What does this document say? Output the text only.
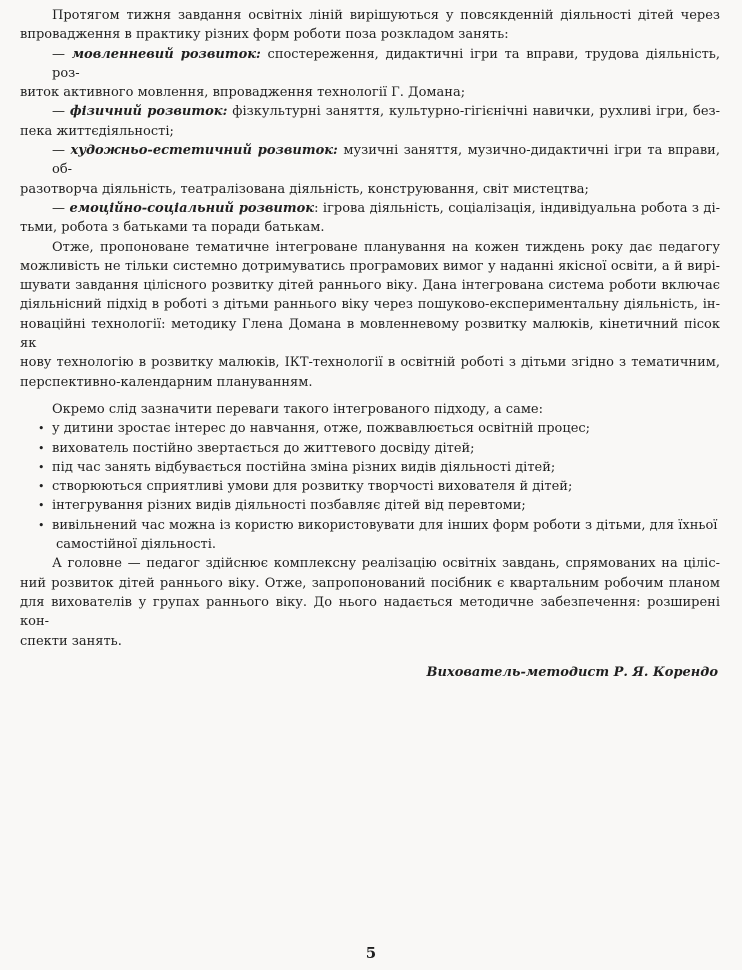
Протягом тижня завдання освітніх ліній вирішуються у повсякденній діяльності дітей через
впровадження в практику різних форм роботи поза розкладом занять:
— мовленневий розвиток: спостереження, дидактичні ігри та вправи, трудова діяльність, роз-
виток активного мовлення, впровадження технології Г. Домана;
— фізичний розвиток: фізкультурні заняття, культурно-гігієнічні навички, рухливі ігри, без-
пека життєдіяльності;
— художньо-естетичний розвиток: музичні заняття, музично-дидактичні ігри та вправи, об-
разотворча діяльність, театралізована діяльність, конструювання, світ мистецтва;
— емоційно-соціальний розвиток: ігрова діяльність, соціалізація, індивідуальна робота з ді-
тьми, робота з батьками та поради батькам.
Отже, пропоноване тематичне інтегроване планування на кожен тиждень року дає педагогу
можливість не тільки системно дотримуватись програмових вимог у наданні якісної освіти, а й вирі-
шувати завдання цілісного розвитку дітей раннього віку. Дана інтегрована система роботи включає
діяльнісний підхід в роботі з дітьми раннього віку через пошуково-експериментальну діяльність, ін-
новаційні технології: методику Глена Домана в мовленневому розвитку малюків, кінетичний пісок як
нову технологію в розвитку малюків, ІКТ-технології в освітній роботі з дітьми згідно з тематичним,
перспективно-календарним плануванням.
Окремо слід зазначити переваги такого інтегрованого підходу, а саме:
• у дитини зростає інтерес до навчання, отже, пожвавлюється освітній процес;
• вихователь постійно звертається до життевого досвіду дітей;
• під час занять відбувається постійна зміна різних видів діяльності дітей;
• створюються сприятливі умови для розвитку творчості вихователя й дітей;
• інтегрування різних видів діяльності позбавляє дітей від перевтоми;
• вивільнений час можна із користю використовувати для інших форм роботи з дітьми, для їхньої
самостійної діяльності.
А головне — педагог здійснює комплексну реалізацію освітніх завдань, спрямованих на ціліс-
ний розвиток дітей раннього віку. Отже, запропонований посібник є квартальним робочим планом
для вихователів у групах раннього віку. До нього надається методичне забезпечення: розширені кон-
спекти занять.
Вихователь-методист Р. Я. Корендо
5
